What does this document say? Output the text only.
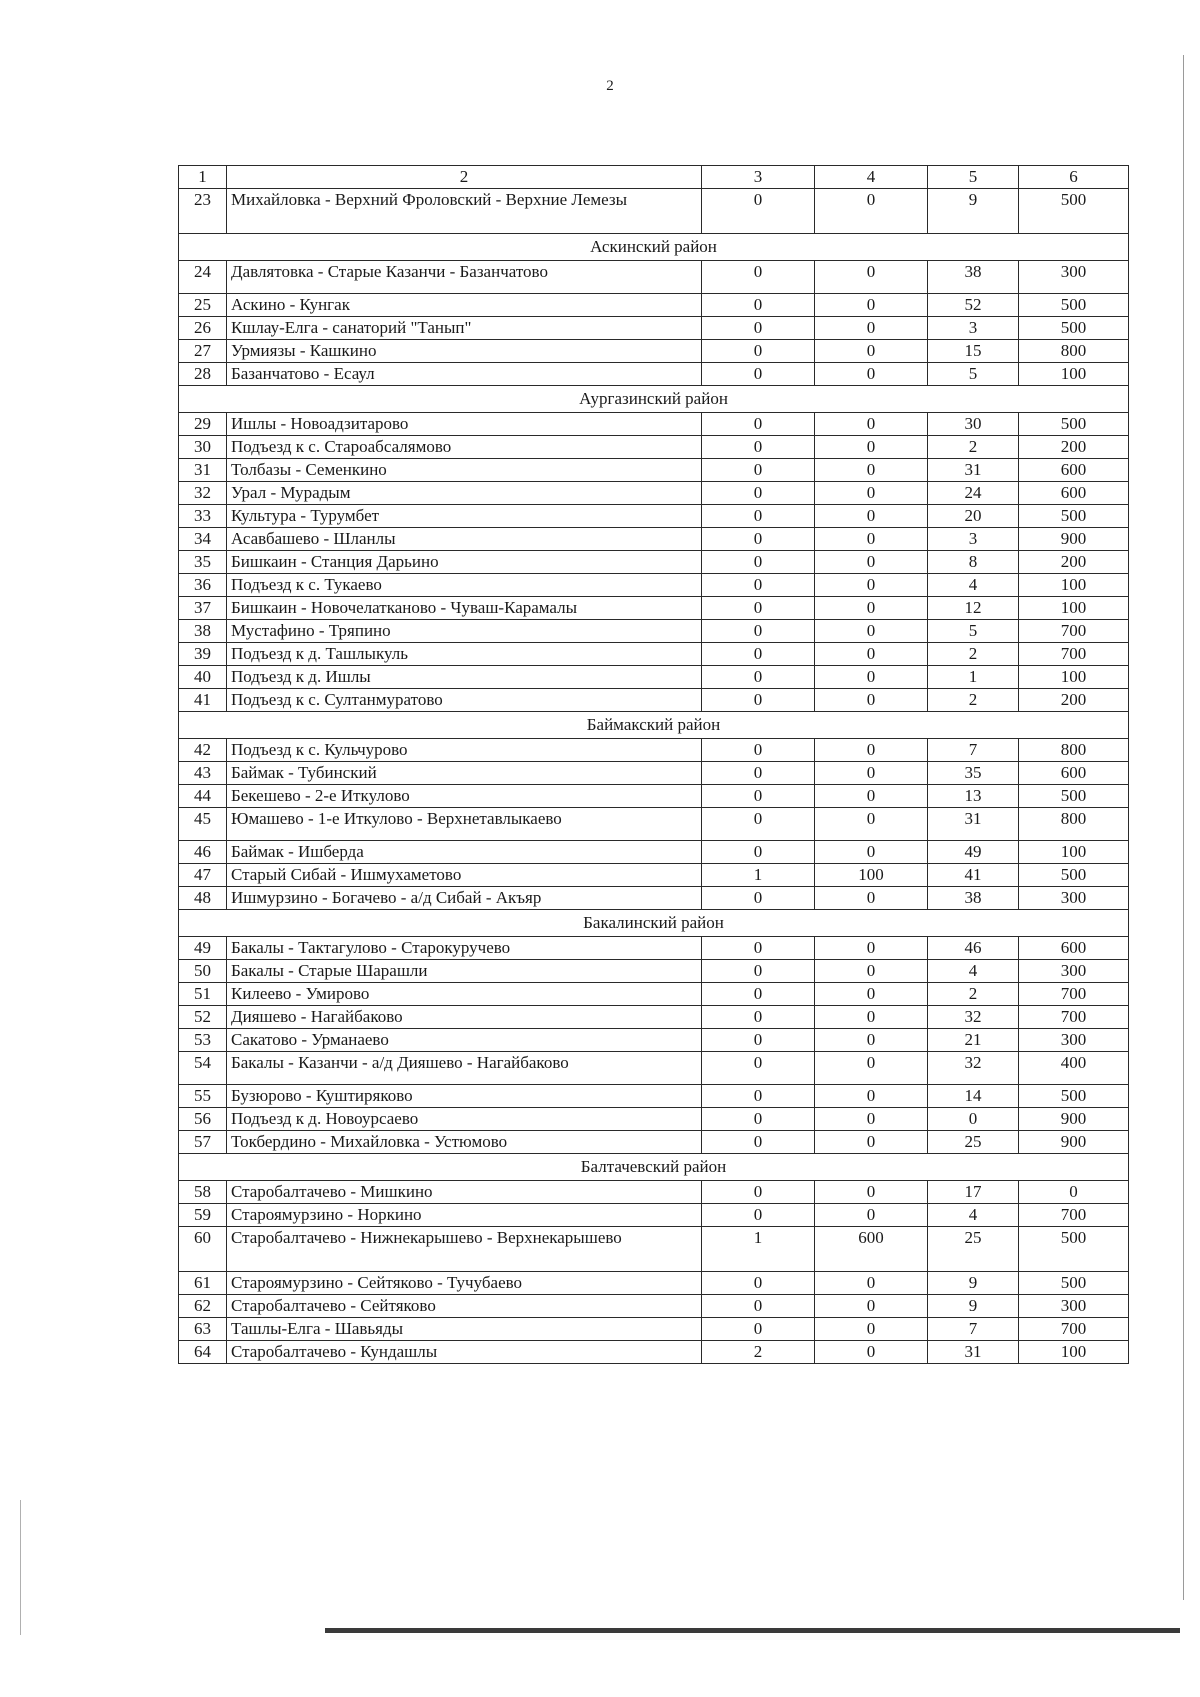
2
1	2	3	4	5	6
23	Михайловка - Верхний Фроловский - Верхние Лемезы	0	0	9	500
Аскинский район					
24	Давлятовка - Старые Казанчи - Базанчатово	0	0	38	300
25	Аскино - Кунгак	0	0	52	500
26	Кшлау-Елга - санаторий "Танып"	0	0	3	500
27	Урмиязы - Кашкино	0	0	15	800
28	Базанчатово - Есаул	0	0	5	100
Аургазинский район					
29	Ишлы - Новоадзитарово	0	0	30	500
30	Подъезд к с. Староабсалямово	0	0	2	200
31	Толбазы - Семенкино	0	0	31	600
32	Урал - Мурадым	0	0	24	600
33	Культура - Турумбет	0	0	20	500
34	Асавбашево - Шланлы	0	0	3	900
35	Бишкаин - Станция Дарьино	0	0	8	200
36	Подъезд к с. Тукаево	0	0	4	100
37	Бишкаин - Новочелатканово - Чуваш-Карамалы	0	0	12	100
38	Мустафино - Тряпино	0	0	5	700
39	Подъезд к д. Ташлыкуль	0	0	2	700
40	Подъезд к д. Ишлы	0	0	1	100
41	Подъезд к с. Султанмуратово	0	0	2	200
Баймакский район					
42	Подъезд к с. Кульчурово	0	0	7	800
43	Баймак - Тубинский	0	0	35	600
44	Бекешево - 2-е Иткулово	0	0	13	500
45	Юмашево - 1-е Иткулово - Верхнетавлыкаево	0	0	31	800
46	Баймак - Ишберда	0	0	49	100
47	Старый Сибай - Ишмухаметово	1	100	41	500
48	Ишмурзино - Богачево - а/д Сибай - Акъяр	0	0	38	300
Бакалинский район					
49	Бакалы - Тактагулово - Старокуручево	0	0	46	600
50	Бакалы - Старые Шарашли	0	0	4	300
51	Килеево - Умирово	0	0	2	700
52	Дияшево - Нагайбаково	0	0	32	700
53	Сакатово - Урманаево	0	0	21	300
54	Бакалы - Казанчи - а/д Дияшево - Нагайбаково	0	0	32	400
55	Бузюрово - Куштиряково	0	0	14	500
56	Подъезд к д. Новоурсаево	0	0	0	900
57	Токбердино - Михайловка - Устюмово	0	0	25	900
Балтачевский район					
58	Старобалтачево - Мишкино	0	0	17	0
59	Староямурзино - Норкино	0	0	4	700
60	Старобалтачево - Нижнекарышево - Верхнекарышево	1	600	25	500
61	Староямурзино - Сейтяково - Тучубаево	0	0	9	500
62	Старобалтачево - Сейтяково	0	0	9	300
63	Ташлы-Елга - Шавьяды	0	0	7	700
64	Старобалтачево - Кундашлы	2	0	31	100
